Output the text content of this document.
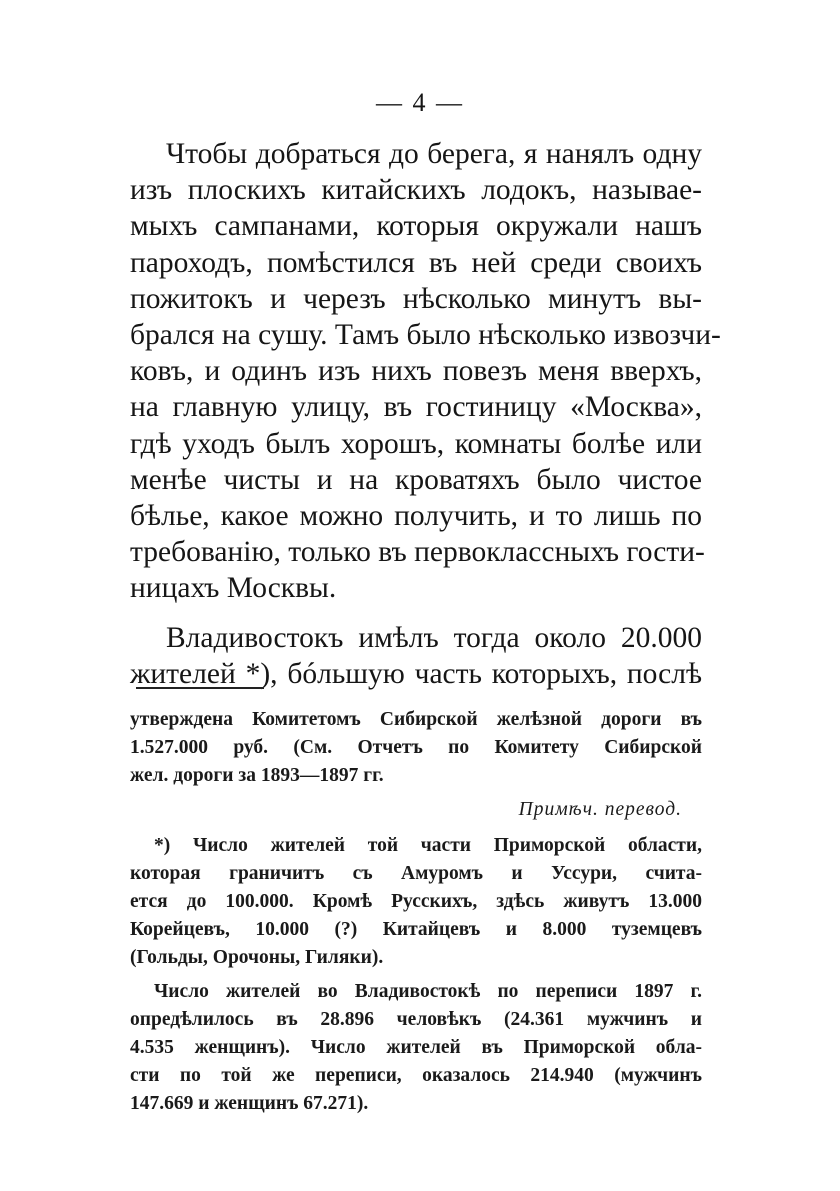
— 4 —
Чтобы добраться до берега, я нанялъ одну
изъ плоскихъ китайскихъ лодокъ, называе-
мыхъ сампанами, которыя окружали нашъ
пароходъ, помѣстился въ ней среди своихъ
пожитокъ и черезъ нѣсколько минутъ вы-
брался на сушу. Тамъ было нѣсколько извозчи-
ковъ, и одинъ изъ нихъ повезъ меня вверхъ,
на главную улицу, въ гостиницу «Москва»,
гдѣ уходъ былъ хорошъ, комнаты болѣе или
менѣе чисты и на кроватяхъ было чистое
бѣлье, какое можно получить, и то лишь по
требованію, только въ первоклассныхъ гости-
ницахъ Москвы.
Владивостокъ имѣлъ тогда около 20.000
жителей *), бóльшую часть которыхъ, послѣ
утверждена Комитетомъ Сибирской желѣзной дороги въ
1.527.000 руб. (См. Отчетъ по Комитету Сибирской
жел. дороги за 1893—1897 гг.
Примѣч. перевод.
*) Число жителей той части Приморской области,
которая граничитъ съ Амуромъ и Уссури, счита-
ется до 100.000. Кромѣ Русскихъ, здѣсь живутъ 13.000
Корейцевъ, 10.000 (?) Китайцевъ и 8.000 туземцевъ
(Гольды, Орочоны, Гиляки).
Число жителей во Владивостокѣ по переписи 1897 г.
опредѣлилось въ 28.896 человѣкъ (24.361 мужчинъ и
4.535 женщинъ). Число жителей въ Приморской обла-
сти по той же переписи, оказалось 214.940 (мужчинъ
147.669 и женщинъ 67.271).
